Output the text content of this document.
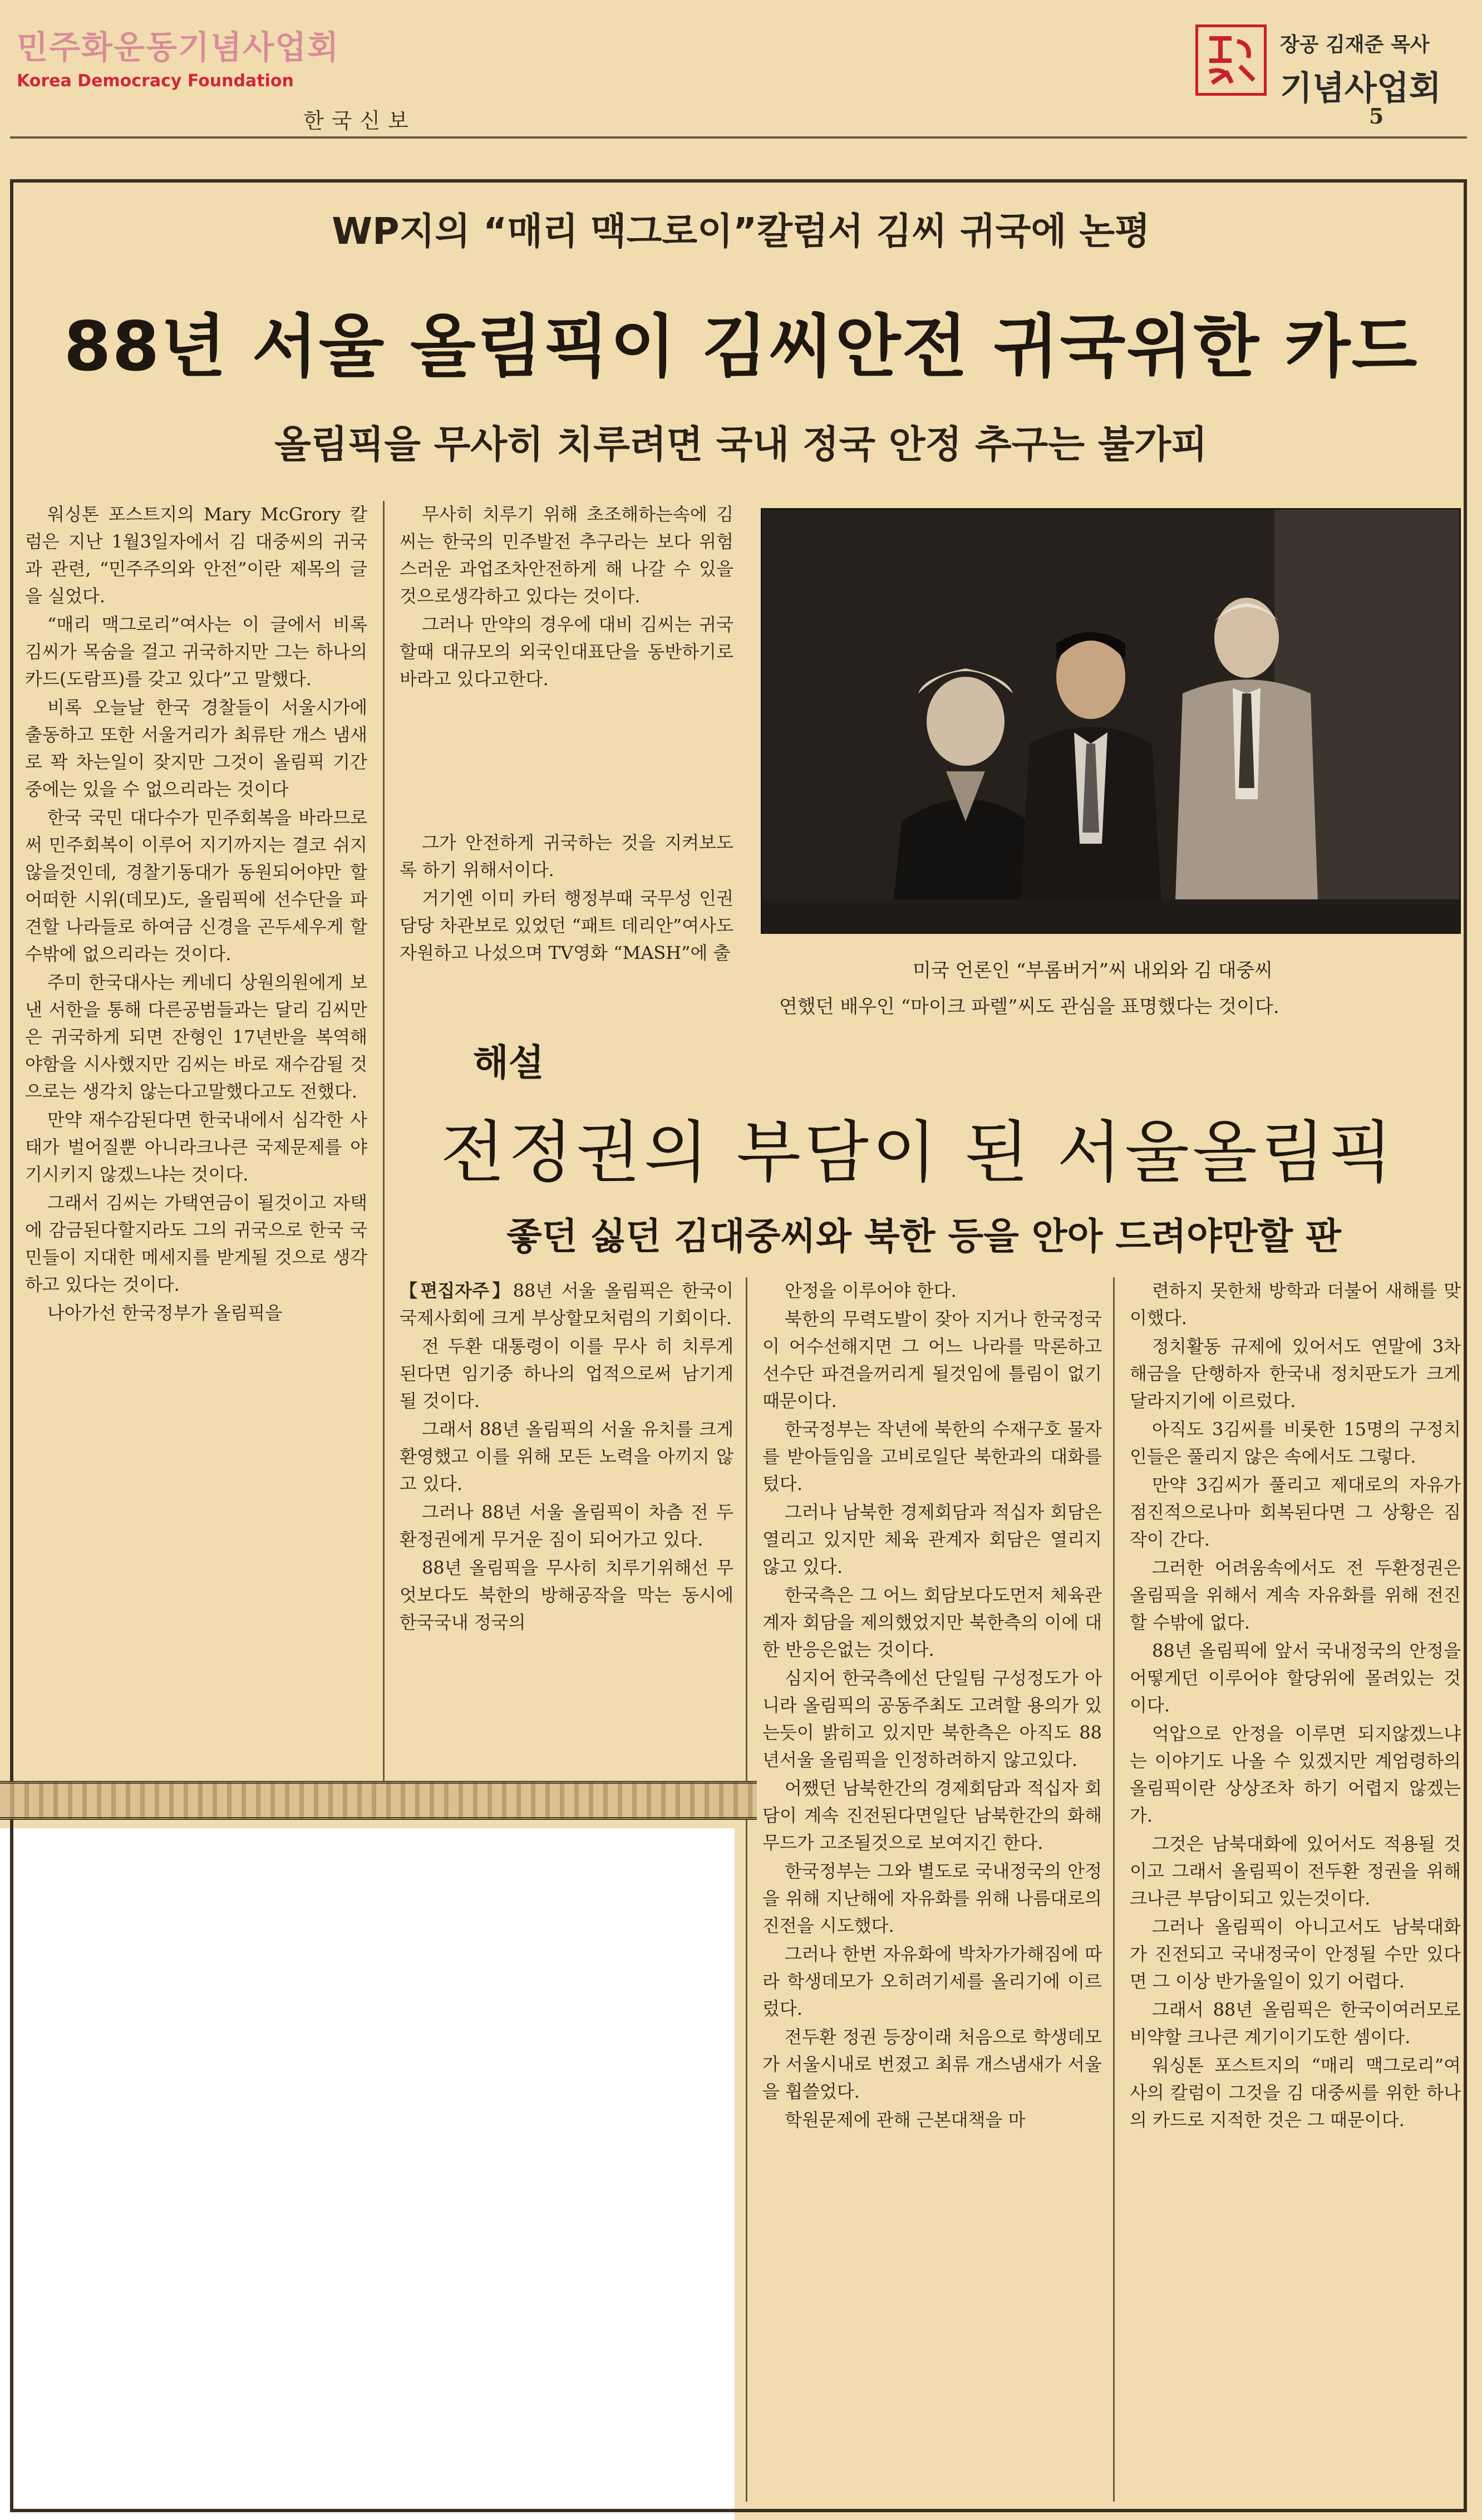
민주화운동기념사업회
Korea Democracy Foundation
장공 김재준 목사
기념사업회
한국신보	5
WP지의 “매리 맥그로이”칼럼서 김씨 귀국에 논평
88년 서울 올림픽이 김씨안전 귀국위한 카드
올림픽을 무사히 치루려면 국내 정국 안정 추구는 불가피

워싱톤 포스트지의 Mary McGrory 칼럼은 지난 1월3일자에서 김 대중씨의 귀국과 관련, “민주주의와 안전”이란 제목의 글을 실었다.

“매리 맥그로리”여사는 이 글에서 비록 김씨가 목숨을 걸고 귀국하지만 그는 하나의 카드(도람프)를 갖고 있다”고 말했다.

비록 오늘날 한국 경찰들이 서울시가에 출동하고 또한 서울거리가 최류탄 개스 냄새로 꽉 차는일이 잦지만 그것이 올림픽 기간중에는 있을 수 없으리라는 것이다

한국 국민 대다수가 민주회복을 바라므로써 민주회복이 이루어 지기까지는 결코 쉬지 않을것인데, 경찰기동대가 동원되어야만 할 어떠한 시위(데모)도, 올림픽에 선수단을 파견할 나라들로 하여금 신경을 곤두세우게 할 수밖에 없으리라는 것이다.

주미 한국대사는 케네디 상원의원에게 보낸 서한을 통해 다른공범들과는 달리 김씨만은 귀국하게 되면 잔형인 17년반을 복역해야함을 시사했지만 김씨는 바로 재수감될 것으로는 생각치 않는다고말했다고도 전했다.

만약 재수감된다면 한국내에서 심각한 사태가 벌어질뿐 아니라크나큰 국제문제를 야기시키지 않겠느냐는 것이다.

그래서 김씨는 가택연금이 될것이고 자택에 감금된다할지라도 그의 귀국으로 한국 국민들이 지대한 메세지를 받게될 것으로 생각하고 있다는 것이다.

나아가선 한국정부가 올림픽을

무사히 치루기 위해 초조해하는속에 김씨는 한국의 민주발전 추구라는 보다 위험스러운 과업조차안전하게 해 나갈 수 있을 것으로생각하고 있다는 것이다.

그러나 만약의 경우에 대비 김씨는 귀국할때 대규모의 외국인대표단을 동반하기로 바라고 있다고한다.

그가 안전하게 귀국하는 것을 지켜보도록 하기 위해서이다.

거기엔 이미 카터 행정부때 국무성 인권담당 차관보로 있었던 “패트 데리안”여사도 자원하고 나섰으며 TV영화 “MASH”에 출

미국 언론인 “부롬버거”씨 내외와 김 대중씨
연했던 배우인 “마이크 파렐”씨도 관심을 표명했다는 것이다.
해설
전정권의 부담이 된 서울올림픽
좋던 싫던 김대중씨와 북한 등을 안아 드려야만할 판

【편집자주】88년 서울 올림픽은 한국이 국제사회에 크게 부상할모처럼의 기회이다.

전 두환 대통령이 이를 무사 히 치루게 된다면 임기중 하나의 업적으로써 남기게 될 것이다.

그래서 88년 올림픽의 서울 유치를 크게 환영했고 이를 위해 모든 노력을 아끼지 않고 있다.

그러나 88년 서울 올림픽이 차츰 전 두환정권에게 무거운 짐이 되어가고 있다.

88년 올림픽을 무사히 치루기위해선 무엇보다도 북한의 방해공작을 막는 동시에 한국국내 정국의

안정을 이루어야 한다.

북한의 무력도발이 잦아 지거나 한국정국이 어수선해지면 그 어느 나라를 막론하고 선수단 파견을꺼리게 될것임에 틀림이 없기 때문이다.

한국정부는 작년에 북한의 수재구호 물자를 받아들임을 고비로일단 북한과의 대화를 텄다.

그러나 남북한 경제회담과 적십자 회담은 열리고 있지만 체육 관계자 회담은 열리지 않고 있다.

한국측은 그 어느 회담보다도먼저 체육관계자 회담을 제의했었지만 북한측의 이에 대한 반응은없는 것이다.

심지어 한국측에선 단일팀 구성정도가 아니라 올림픽의 공동주최도 고려할 용의가 있는듯이 밝히고 있지만 북한측은 아직도 88년서울 올림픽을 인정하려하지 않고있다.

어쨌던 남북한간의 경제회담과 적십자 회담이 계속 진전된다면일단 남북한간의 화해무드가 고조될것으로 보여지긴 한다.

한국정부는 그와 별도로 국내정국의 안정을 위해 지난해에 자유화를 위해 나름대로의 진전을 시도했다.

그러나 한번 자유화에 박차가가해짐에 따라 학생데모가 오히려기세를 올리기에 이르렀다.

전두환 정권 등장이래 처음으로 학생데모가 서울시내로 번졌고 최류 개스냄새가 서울을 휩쓸었다.

학원문제에 관해 근본대책을 마

련하지 못한채 방학과 더불어 새해를 맞이했다.

정치활동 규제에 있어서도 연말에 3차 해금을 단행하자 한국내 정치판도가 크게 달라지기에 이르렀다.

아직도 3김씨를 비롯한 15명의 구정치인들은 풀리지 않은 속에서도 그렇다.

만약 3김씨가 풀리고 제대로의 자유가 점진적으로나마 회복된다면 그 상황은 짐작이 간다.

그러한 어려움속에서도 전 두환정권은 올림픽을 위해서 계속 자유화를 위해 전진할 수밖에 없다.

88년 올림픽에 앞서 국내정국의 안정을 어떻게던 이루어야 할당위에 몰려있는 것이다.

억압으로 안정을 이루면 되지않겠느냐는 이야기도 나올 수 있겠지만 계엄령하의 올림픽이란 상상조차 하기 어렵지 않겠는가.

그것은 남북대화에 있어서도 적용될 것이고 그래서 올림픽이 전두환 정권을 위해 크나큰 부담이되고 있는것이다.

그러나 올림픽이 아니고서도 남북대화가 진전되고 국내정국이 안정될 수만 있다면 그 이상 반가울일이 있기 어렵다.

그래서 88년 올림픽은 한국이여러모로 비약할 크나큰 계기이기도한 셈이다.

워싱톤 포스트지의 “매리 맥그로리”여사의 칼럼이 그것을 김 대중씨를 위한 하나의 카드로 지적한 것은 그 때문이다.
